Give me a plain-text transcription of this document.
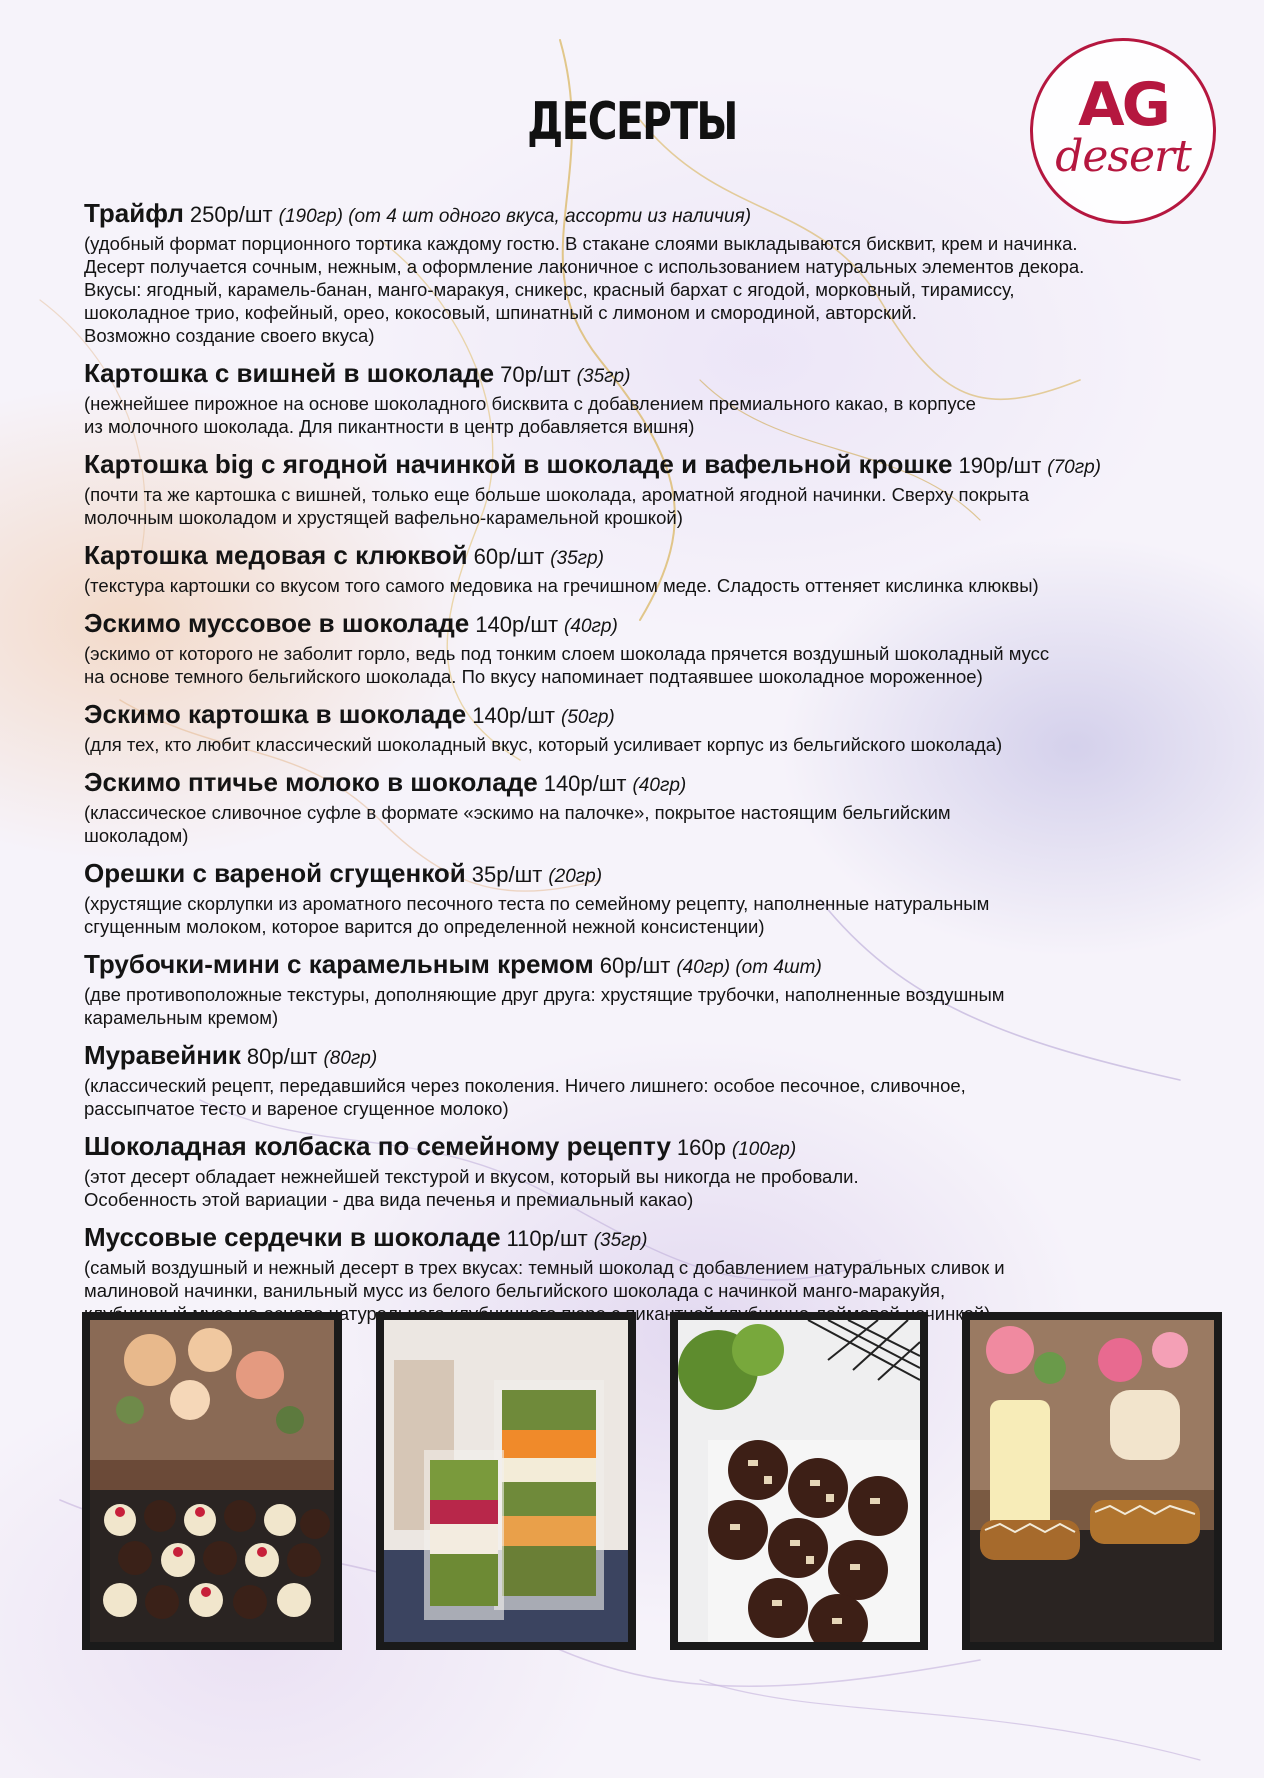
ДЕСЕРТЫ	AG
desert
Трайфл 250р/шт (190гр) (от 4 шт одного вкуса, ассорти из наличия)
(удобный формат порционного тортика каждому гостю. В стакане слоями выкладываются бисквит, крем и начинка.
Десерт получается сочным, нежным, а оформление лаконичное с использованием натуральных элементов декора.
Вкусы: ягодный, карамель-банан, манго-маракуя, сникерс, красный бархат с ягодой, морковный, тирамиссу,
шоколадное трио, кофейный, орео, кокосовый, шпинатный с лимоном и смородиной, авторский.
Возможно создание своего вкуса)
Картошка с вишней в шоколаде 70р/шт (35гр)
(нежнейшее пирожное на основе шоколадного бисквита с добавлением премиального какао, в корпусе
из молочного шоколада. Для пикантности в центр добавляется вишня)
Картошка big с ягодной начинкой в шоколаде и вафельной крошке 190р/шт (70гр)
(почти та же картошка с вишней, только еще больше шоколада, ароматной ягодной начинки. Сверху покрыта
молочным шоколадом и хрустящей вафельно-карамельной крошкой)
Картошка медовая с клюквой 60р/шт (35гр)
(текстура картошки со вкусом того самого медовика на гречишном меде. Сладость оттеняет кислинка клюквы)
Эскимо муссовое в шоколаде 140р/шт (40гр)
(эскимо от которого не заболит горло, ведь под тонким слоем шоколада прячется воздушный шоколадный мусс
на основе темного бельгийского шоколада. По вкусу напоминает подтаявшее шоколадное мороженное)
Эскимо картошка в шоколаде 140р/шт (50гр)
(для тех, кто любит классический шоколадный вкус, который усиливает корпус из бельгийского шоколада)
Эскимо птичье молоко в шоколаде 140р/шт (40гр)
(классическое сливочное суфле в формате «эскимо на палочке», покрытое настоящим бельгийским
шоколадом)
Орешки с вареной сгущенкой 35р/шт (20гр)
(хрустящие скорлупки из ароматного песочного теста по семейному рецепту, наполненные натуральным
сгущенным молоком, которое варится до определенной нежной консистенции)
Трубочки-мини с карамельным кремом 60р/шт (40гр) (от 4шт)
(две противоположные текстуры, дополняющие друг друга: хрустящие трубочки, наполненные воздушным
карамельным кремом)
Муравейник 80р/шт (80гр)
(классический рецепт, передавшийся через поколения. Ничего лишнего: особое песочное, сливочное,
рассыпчатое тесто и вареное сгущенное молоко)
Шоколадная колбаска по семейному рецепту 160р (100гр)
(этот десерт обладает нежнейшей текстурой и вкусом, который вы никогда не пробовали.
Особенность этой вариации - два вида печенья и премиальный какао)
Муссовые сердечки в шоколаде 110р/шт (35гр)
(самый воздушный и нежный десерт в трех вкусах: темный шоколад с добавлением натуральных сливок и
малиновой начинки, ванильный мусс из белого бельгийского шоколада с начинкой манго-маракуйя,
начинкой)
